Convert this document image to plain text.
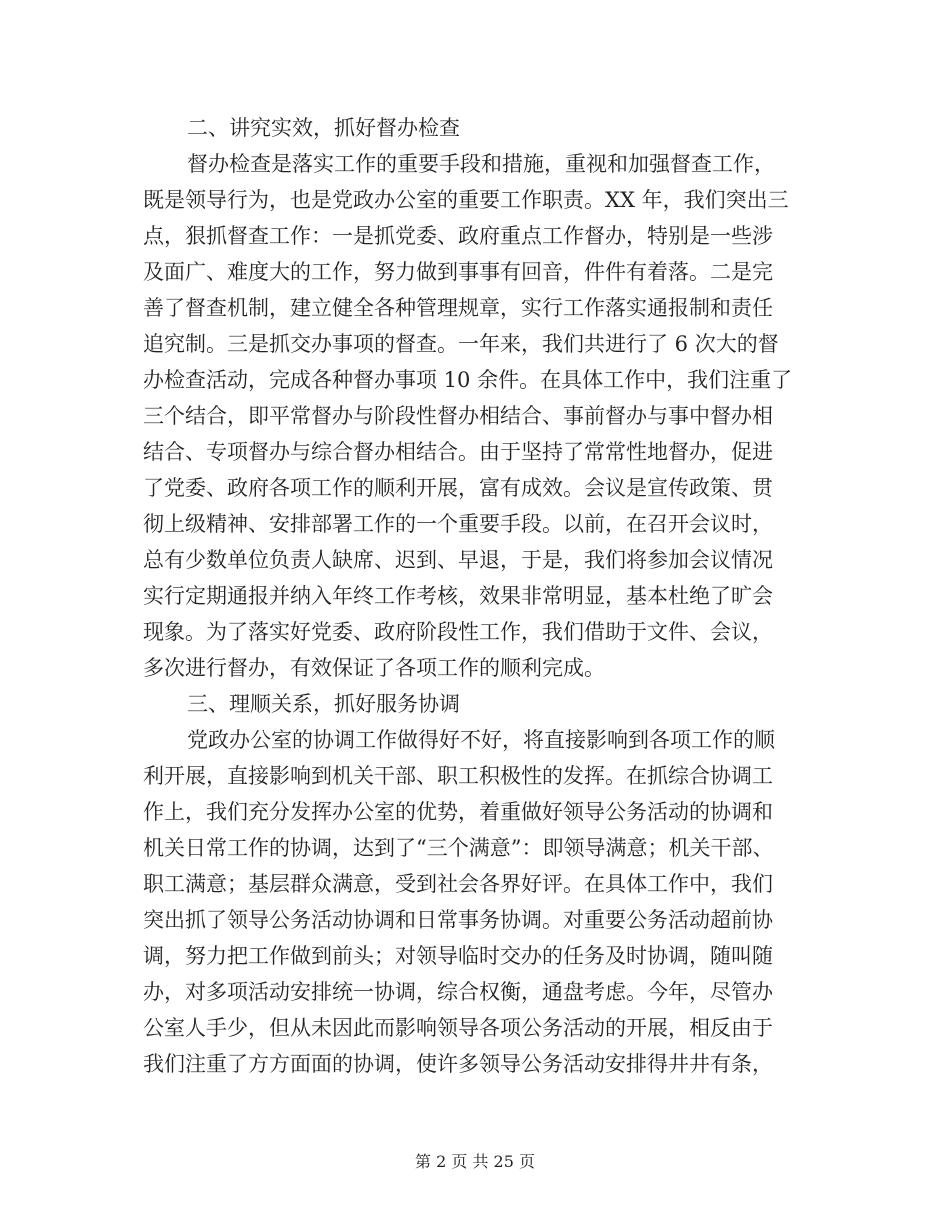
二、讲究实效，抓好督办检查
督办检查是落实工作的重要手段和措施，重视和加强督查工作，
既是领导行为，也是党政办公室的重要工作职责。XX 年，我们突出三
点，狠抓督查工作：一是抓党委、政府重点工作督办，特别是一些涉
及面广、难度大的工作，努力做到事事有回音，件件有着落。二是完
善了督查机制，建立健全各种管理规章，实行工作落实通报制和责任
追究制。三是抓交办事项的督查。一年来，我们共进行了 6 次大的督
办检查活动，完成各种督办事项 10 余件。在具体工作中，我们注重了
三个结合，即平常督办与阶段性督办相结合、事前督办与事中督办相
结合、专项督办与综合督办相结合。由于坚持了常常性地督办，促进
了党委、政府各项工作的顺利开展，富有成效。会议是宣传政策、贯
彻上级精神、安排部署工作的一个重要手段。以前，在召开会议时，
总有少数单位负责人缺席、迟到、早退，于是，我们将参加会议情况
实行定期通报并纳入年终工作考核，效果非常明显，基本杜绝了旷会
现象。为了落实好党委、政府阶段性工作，我们借助于文件、会议，
多次进行督办，有效保证了各项工作的顺利完成。
三、理顺关系，抓好服务协调
党政办公室的协调工作做得好不好，将直接影响到各项工作的顺
利开展，直接影响到机关干部、职工积极性的发挥。在抓综合协调工
作上，我们充分发挥办公室的优势，着重做好领导公务活动的协调和
机关日常工作的协调，达到了“三个满意”：即领导满意；机关干部、
职工满意；基层群众满意，受到社会各界好评。在具体工作中，我们
突出抓了领导公务活动协调和日常事务协调。对重要公务活动超前协
调，努力把工作做到前头；对领导临时交办的任务及时协调，随叫随
办，对多项活动安排统一协调，综合权衡，通盘考虑。今年，尽管办
公室人手少，但从未因此而影响领导各项公务活动的开展，相反由于
我们注重了方方面面的协调，使许多领导公务活动安排得井井有条，
第 2 页 共 25 页
